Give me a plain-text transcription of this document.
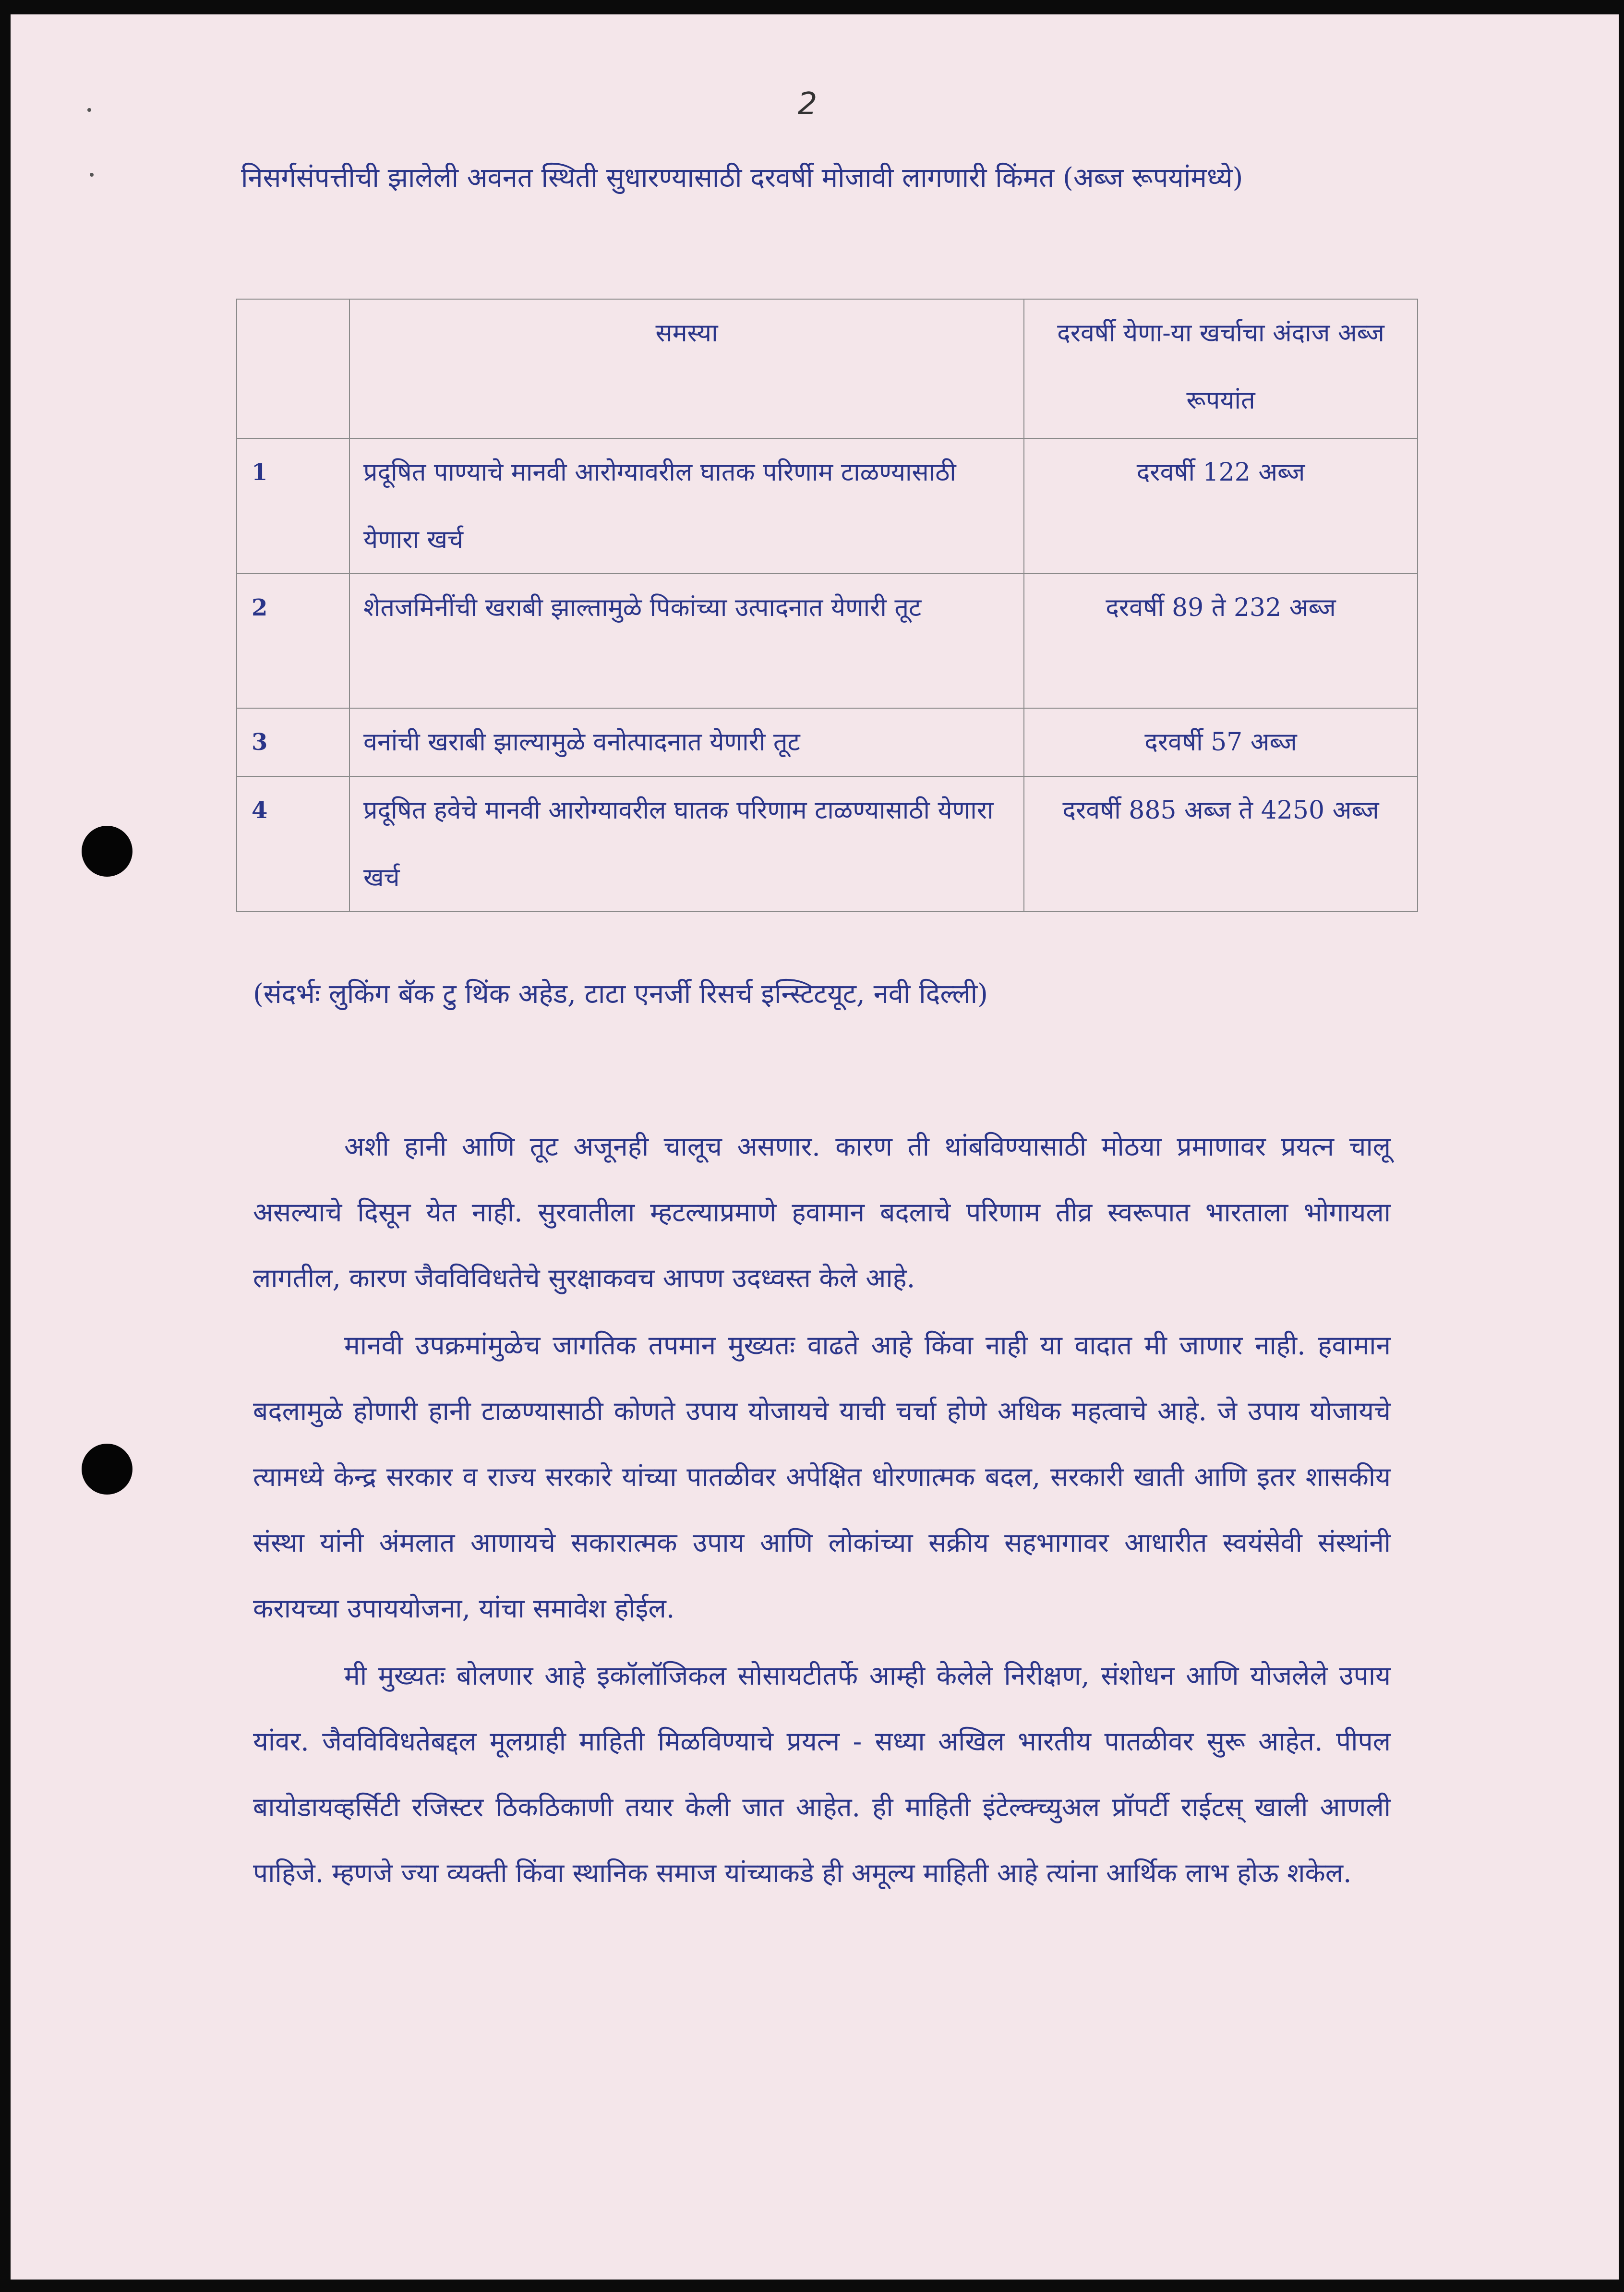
2
निसर्गसंपत्तीची झालेली अवनत स्थिती सुधारण्यासाठी दरवर्षी मोजावी लागणारी किंमत (अब्ज रूपयांमध्ये)
	समस्या	दरवर्षी येणा-या खर्चाचा अंदाज अब्ज रूपयांत
1	प्रदूषित पाण्याचे मानवी आरोग्यावरील घातक परिणाम टाळण्यासाठी येणारा खर्च	दरवर्षी 122 अब्ज
2	शेतजमिनींची खराबी झाल्तामुळे पिकांच्या उत्पादनात येणारी तूट	दरवर्षी 89 ते 232 अब्ज
3	वनांची खराबी झाल्यामुळे वनोत्पादनात येणारी तूट	दरवर्षी 57 अब्ज
4	प्रदूषित हवेचे मानवी आरोग्यावरील घातक परिणाम टाळण्यासाठी येणारा खर्च	दरवर्षी 885 अब्ज ते 4250 अब्ज
(संदर्भः लुकिंग बॅक टु थिंक अहेड, टाटा एनर्जी रिसर्च इन्स्टिटयूट, नवी दिल्ली)

अशी हानी आणि तूट अजूनही चालूच असणार. कारण ती थांबविण्यासाठी मोठया प्रमाणावर प्रयत्न चालू असल्याचे दिसून येत नाही. सुरवातीला म्हटल्याप्रमाणे हवामान बदलाचे परिणाम तीव्र स्वरूपात भारताला भोगायला लागतील, कारण जैवविविधतेचे सुरक्षाकवच आपण उदध्वस्त केले आहे.

मानवी उपक्रमांमुळेच जागतिक तपमान मुख्यतः वाढते आहे किंवा नाही या वादात मी जाणार नाही. हवामान बदलामुळे होणारी हानी टाळण्यासाठी कोणते उपाय योजायचे याची चर्चा होणे अधिक महत्वाचे आहे. जे उपाय योजायचे त्यामध्ये केन्द्र सरकार व राज्य सरकारे यांच्या पातळीवर अपेक्षित धोरणात्मक बदल, सरकारी खाती आणि इतर शासकीय संस्था यांनी अंमलात आणायचे सकारात्मक उपाय आणि लोकांच्या सक्रीय सहभागावर आधारीत स्वयंसेवी संस्थांनी करायच्या उपाययोजना, यांचा समावेश होईल.

मी मुख्यतः बोलणार आहे इकॉलॉजिकल सोसायटीतर्फे आम्ही केलेले निरीक्षण, संशोधन आणि योजलेले उपाय यांवर. जैवविविधतेबद्दल मूलग्राही माहिती मिळविण्याचे प्रयत्न - सध्या अखिल भारतीय पातळीवर सुरू आहेत. पीपल बायोडायव्हर्सिटी रजिस्टर ठिकठिकाणी तयार केली जात आहेत. ही माहिती इंटेल्क्च्युअल प्रॉपर्टी राईटस् खाली आणली पाहिजे. म्हणजे ज्या व्यक्ती किंवा स्थानिक समाज यांच्याकडे ही अमूल्य माहिती आहे त्यांना आर्थिक लाभ होऊ शकेल.
